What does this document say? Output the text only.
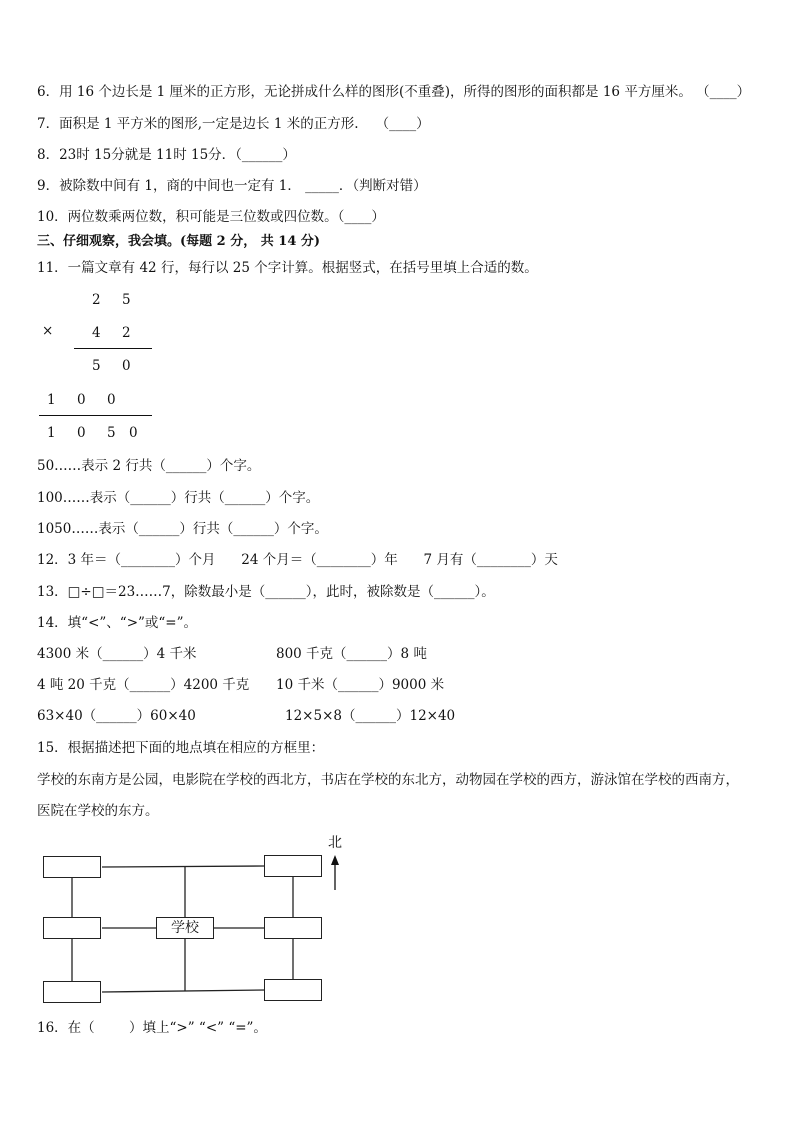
6．用 16 个边长是 1 厘米的正方形，无论拼成什么样的图形(不重叠)，所得的图形的面积都是 16 平方厘米。 （____）
7．面积是 1 平方米的图形,一定是边长 1 米的正方形.    （____）
8．23时 15分就是 11时 15分．（______）
9．被除数中间有 1，商的中间也一定有 1． _____．（判断对错）
10．两位数乘两位数，积可能是三位数或四位数。（____）
三、仔细观察，我会填。(每题 2 分， 共 14 分)
11．一篇文章有 42 行，每行以 25 个字计算。根据竖式，在括号里填上合适的数。
2 5
×	4 2
5 0
1 0 0
1 0 5 0
50……表示 2 行共（______）个字。
100……表示（______）行共（______）个字。
1050……表示（______）行共（______）个字。
12．3 年＝（________）个月      24 个月＝（________）年      7 月有（________）天
13．□÷□＝23……7，除数最小是（______），此时，被除数是（______）。
14．填“<”、“>”或“=”。
4300 米（______）4 千米	800 千克（______）8 吨
4 吨 20 千克（______）4200 千克 10 千米（______）9000 米
63×40（______）60×40	12×5×8（______）12×40
15．根据描述把下面的地点填在相应的方框里：
学校的东南方是公园，电影院在学校的西北方，书店在学校的东北方，动物园在学校的西方，游泳馆在学校的西南方，
医院在学校的东方。
学校
北
16．在（        ）填上“>” “<” “=”。
